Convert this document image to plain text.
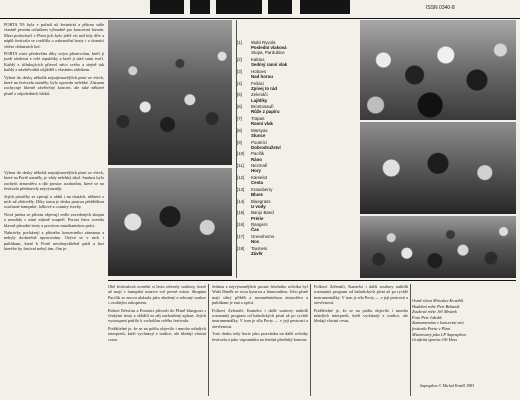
ISSN 0340-8

PORTA '83 byla v pořadí už šestnáctá a přitom stále vlastně prvním ročníkem výhradně pro koncertní formát. Mezi posluchači v Plzni jich bylo ještě víc než kdy dřív a náplň festivalu se rozšířila o zahraniční hosty i o domácí vítěze oblastních kol.

PORTA roste především díky svým příznivcům, kteří ji jezdí sledovat z celé republiky a kteří ji také sami tvoří. Každý z účinkujících přivezl něco svého a stejně tak každý z návštěvníků odjížděl s vlastním zážitkem.

Vybrat do desky několik nejzajímavějších písní ze všech, které na festivalu zazněly, bylo opravdu nelehké. Záznam zachycuje hlavně závěrečný koncert, ale také některé písně z odpoledních bloků.

[1]	Wabi Ryvola
Poslední vlaková
Stopa, Pardubice
[2]	Kaktus
Sedmý ranní vlak
[3]	Hoboes
Nad horou
[4]	Fešáci
Zpívej to rád
[5]	Zelenáči
Lajblíky
[6]	Brontosauři
Růže z papíru
[7]	Trapas
Ranní vlak
[8]	Marsyas
Slunce
[9]	Poutníci
Dobrodružství
[10]	Pacifik
Ráno
[11]	Nezmaři
Hory
[12]	Kamelot
Cesta
[13]	Krausberry
Blues
[14]	Bluegrass
U vody
[15]	Banjo Band
Prérie
[16]	Rangers
Čas
[17]	Greenhorns
Noc
[18]	Taxmeni
Závěr

Vybrat do desky několik nejzajímavějších písní ze všech, které na Portě zazněly, je vždy nelehký úkol. Snahou bylo zachytit atmosféru a dát prostor souborům, které se na festivalu představily nejvýrazněji.

Jejich písničky se zpívají u ohňů i na chatách, některé z nich už zlidověly. Díky tomu je deska pestrou přehlídkou současné trampské, folkové a country tvorby.

Nová jména se přitom objevují vedle zavedených skupin a mnohdy s nimi zdatně soupeří. Porota letos ocenila hlavně původní texty a poctivou muzikantskou práci.

Nahrávky pocházejí z přímého koncertního záznamu a nebyly dodatečně upravovány. Ozývá se v nich i publikum, které k Portě neodmyslitelně patří a bez kterého by festival nebyl tím, čím je.

Obě festivalová ocenění si letos odvezly soubory, které už mají v trampské muzice své pevné místo. Skupina Pacifik se znovu ukázala jako zkušený a sehraný soubor s osobitým rukopisem.

Robert Křesťan a Poutníci přivezli do Plzně bluegrass s českými texty a sklidili za něj zasloužený aplaus. Jejich vystoupení patřilo k vrcholům celého festivalu.

Potěšitelné je, že se na pódiu objevilo i mnoho mladých interpretů, kteří vycházejí z tradice, ale hledají vlastní cestu.

Jednou z nejvýraznějších postav letošního ročníku byl Wabi Daněk se svou kytarou a harmonikou. Jeho písně mají silný příběh a nezaměnitelnou atmosféru a publikum je zná a zpívá.

Folkoví Zelenáči, Kamelot i další soubory nabídli rozmanitý program od baladických písní až po rychlé instrumentálky. V tom je síla Porty — v její pestrosti a otevřenosti.

Tuto desku tedy berte jako pozvánku na další ročníky festivalu a jako vzpomínku na letošní plzeňský koncert.

Folkoví Zelenáči, Kamelot i další soubory nabídli rozmanitý program od baladických písní až po rychlé instrumentálky. V tom je síla Porty — v její pestrosti a otevřenosti.

Potěšitelné je, že se na pódiu objevilo i mnoho mladých interpretů, kteří vycházejí z tradice, ale hledají vlastní cestu.

Osmě slova Miroslav Kovářík
Hudební režie Petr Bekanik
Zvuková režie Jiří Mrázek
Foto Petr Jakobš
Zaznamenáno v koncertní síni
festivalu Porta v Plzni
Mistrovaný jako LP Supraphon
Grafická úprava Jiří Hess
Supraphon © Michal Kratěl 1983
